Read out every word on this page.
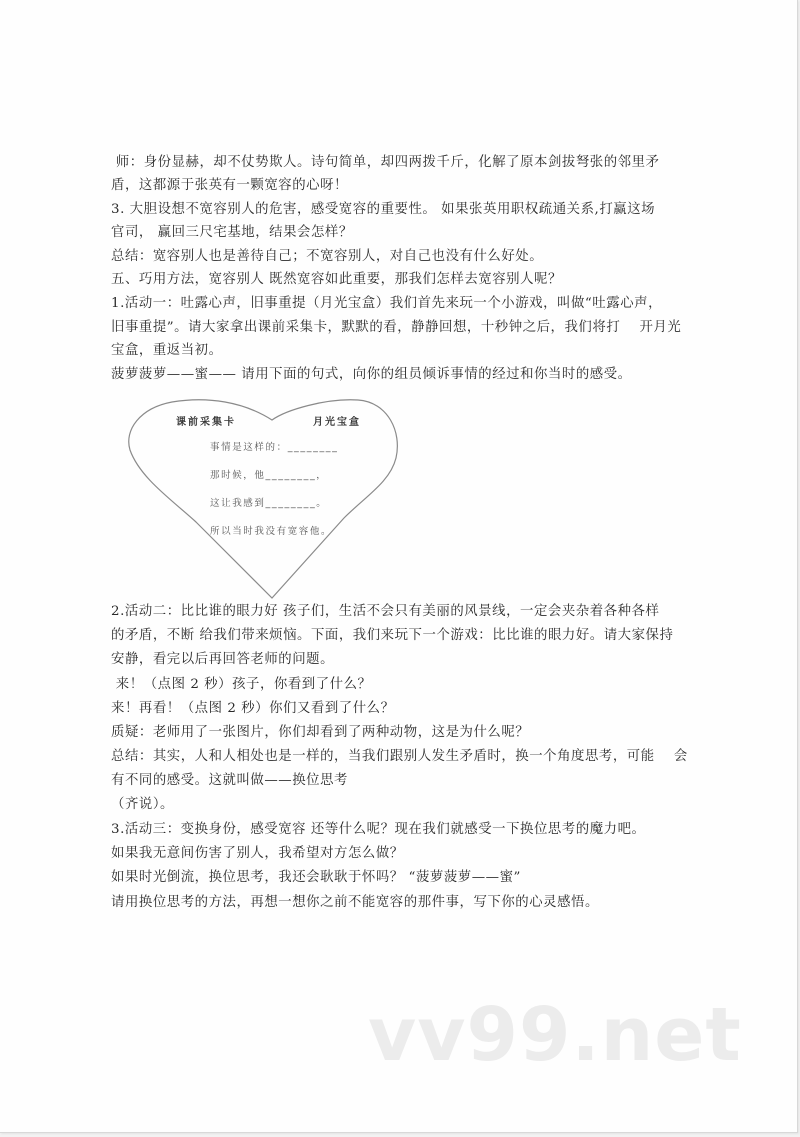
师：身份显赫，却不仗势欺人。诗句简单，却四两拨千斤，化解了原本剑拔弩张的邻里矛
盾，这都源于张英有一颗宽容的心呀！
3. 大胆设想不宽容别人的危害，感受宽容的重要性。 如果张英用职权疏通关系,打赢这场
官司， 赢回三尺宅基地，结果会怎样？
总结：宽容别人也是善待自己；不宽容别人，对自己也没有什么好处。
五、巧用方法，宽容别人 既然宽容如此重要，那我们怎样去宽容别人呢？
1.活动一：吐露心声，旧事重提（月光宝盒）我们首先来玩一个小游戏，叫做“吐露心声，
旧事重提”。请大家拿出课前采集卡，默默的看，静静回想，十秒钟之后，我们将打    开月光
宝盒，重返当初。
菠萝菠萝——蜜—— 请用下面的句式，向你的组员倾诉事情的经过和你当时的感受。
课前采集卡	月光宝盒
事情是这样的：________
那时候，他________，
这让我感到________。
所以当时我没有宽容他。
2.活动二：比比谁的眼力好 孩子们，生活不会只有美丽的风景线，一定会夹杂着各种各样
的矛盾，不断 给我们带来烦恼。下面，我们来玩下一个游戏：比比谁的眼力好。请大家保持
安静，看完以后再回答老师的问题。
来！（点图 2 秒）孩子，你看到了什么？
来！再看！（点图 2 秒）你们又看到了什么？
质疑：老师用了一张图片，你们却看到了两种动物，这是为什么呢？
总结：其实，人和人相处也是一样的，当我们跟别人发生矛盾时，换一个角度思考，可能    会
有不同的感受。这就叫做——换位思考
（齐说）。
3.活动三：变换身份，感受宽容 还等什么呢？现在我们就感受一下换位思考的魔力吧。
如果我无意间伤害了别人，我希望对方怎么做？
如果时光倒流，换位思考，我还会耿耿于怀吗？ “菠萝菠萝——蜜”
请用换位思考的方法，再想一想你之前不能宽容的那件事，写下你的心灵感悟。
vv99.net
